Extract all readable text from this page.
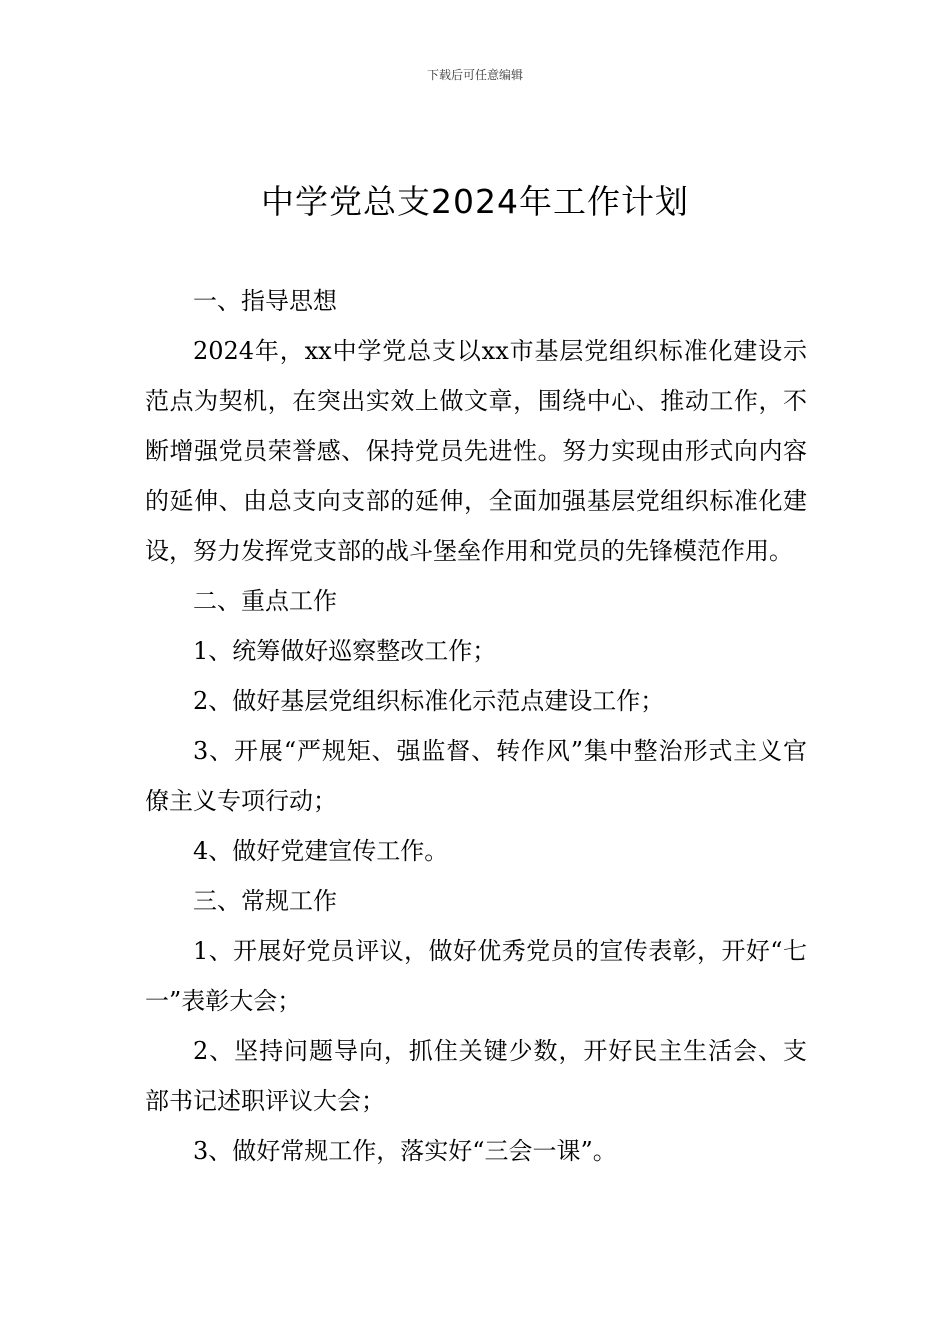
下载后可任意编辑
中学党总支2024年工作计划

一、指导思想

2024年，xx中学党总支以xx市基层党组织标准化建设示范点为契机，在突出实效上做文章，围绕中心、推动工作，不断增强党员荣誉感、保持党员先进性。努力实现由形式向内容的延伸、由总支向支部的延伸，全面加强基层党组织标准化建设，努力发挥党支部的战斗堡垒作用和党员的先锋模范作用。

二、重点工作

1、统筹做好巡察整改工作；

2、做好基层党组织标准化示范点建设工作；

3、开展“严规矩、强监督、转作风”集中整治形式主义官僚主义专项行动；

4、做好党建宣传工作。

三、常规工作

1、开展好党员评议，做好优秀党员的宣传表彰，开好“七一”表彰大会；

2、坚持问题导向，抓住关键少数，开好民主生活会、支部书记述职评议大会；

3、做好常规工作，落实好“三会一课”。
